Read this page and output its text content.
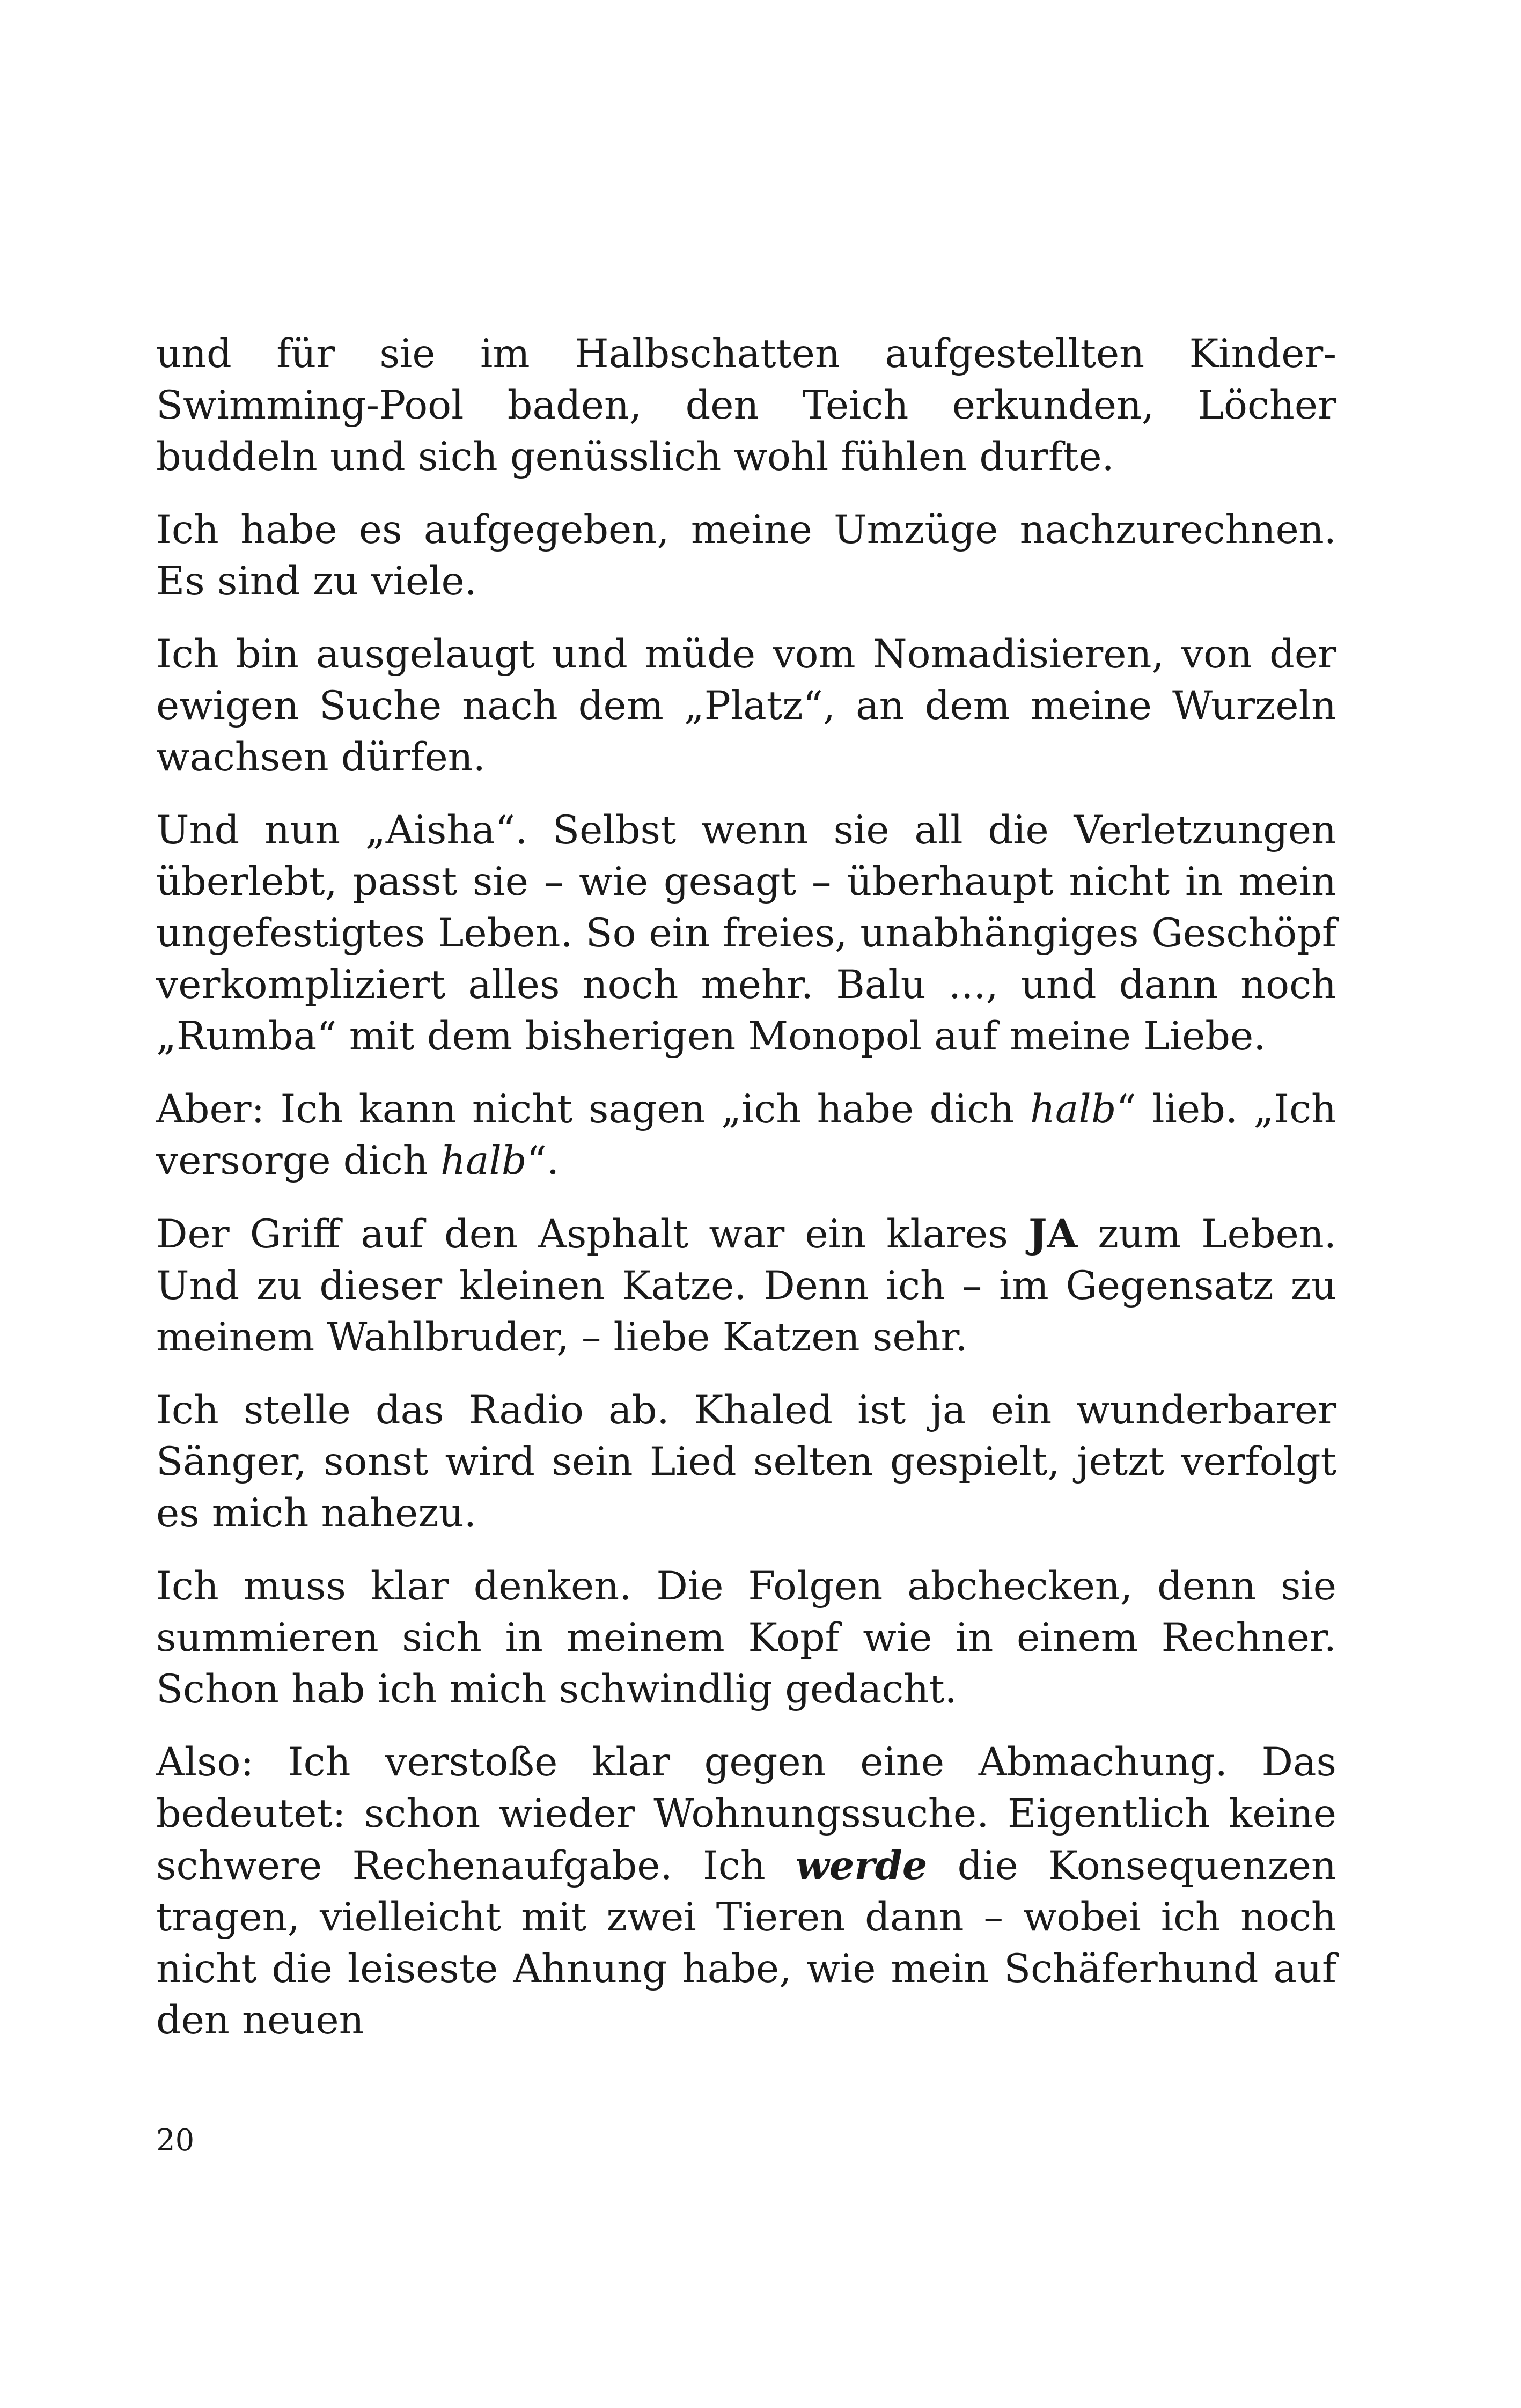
und für sie im Halbschatten aufgestellten Kinder-Swimming-Pool baden, den Teich erkunden, Löcher buddeln und sich genüsslich wohl fühlen durfte.

Ich habe es aufgegeben, meine Umzüge nachzurechnen. Es sind zu viele.

Ich bin ausgelaugt und müde vom Nomadisieren, von der ewigen Suche nach dem „Platz“, an dem meine Wurzeln wachsen dürfen.

Und nun „Aisha“. Selbst wenn sie all die Verletzungen überlebt, passt sie – wie gesagt – überhaupt nicht in mein ungefestigtes Leben. So ein freies, unabhängiges Geschöpf verkompliziert alles noch mehr. Balu ..., und dann noch „Rumba“ mit dem bisherigen Monopol auf meine Liebe.

Aber: Ich kann nicht sagen „ich habe dich halb“ lieb. „Ich versorge dich halb“.

Der Griff auf den Asphalt war ein klares JA zum Leben. Und zu dieser kleinen Katze. Denn ich – im Gegensatz zu meinem Wahlbruder, – liebe Katzen sehr.

Ich stelle das Radio ab. Khaled ist ja ein wunderbarer Sänger, sonst wird sein Lied selten gespielt, jetzt verfolgt es mich nahezu.

Ich muss klar denken. Die Folgen abchecken, denn sie summieren sich in meinem Kopf wie in einem Rechner. Schon hab ich mich schwindlig gedacht.

Also: Ich verstoße klar gegen eine Abmachung. Das bedeutet: schon wieder Wohnungssuche. Eigentlich keine schwere Rechenaufgabe. Ich werde die Konsequenzen tragen, vielleicht mit zwei Tieren dann – wobei ich noch nicht die leiseste Ahnung habe, wie mein Schäferhund auf den neuen

20
